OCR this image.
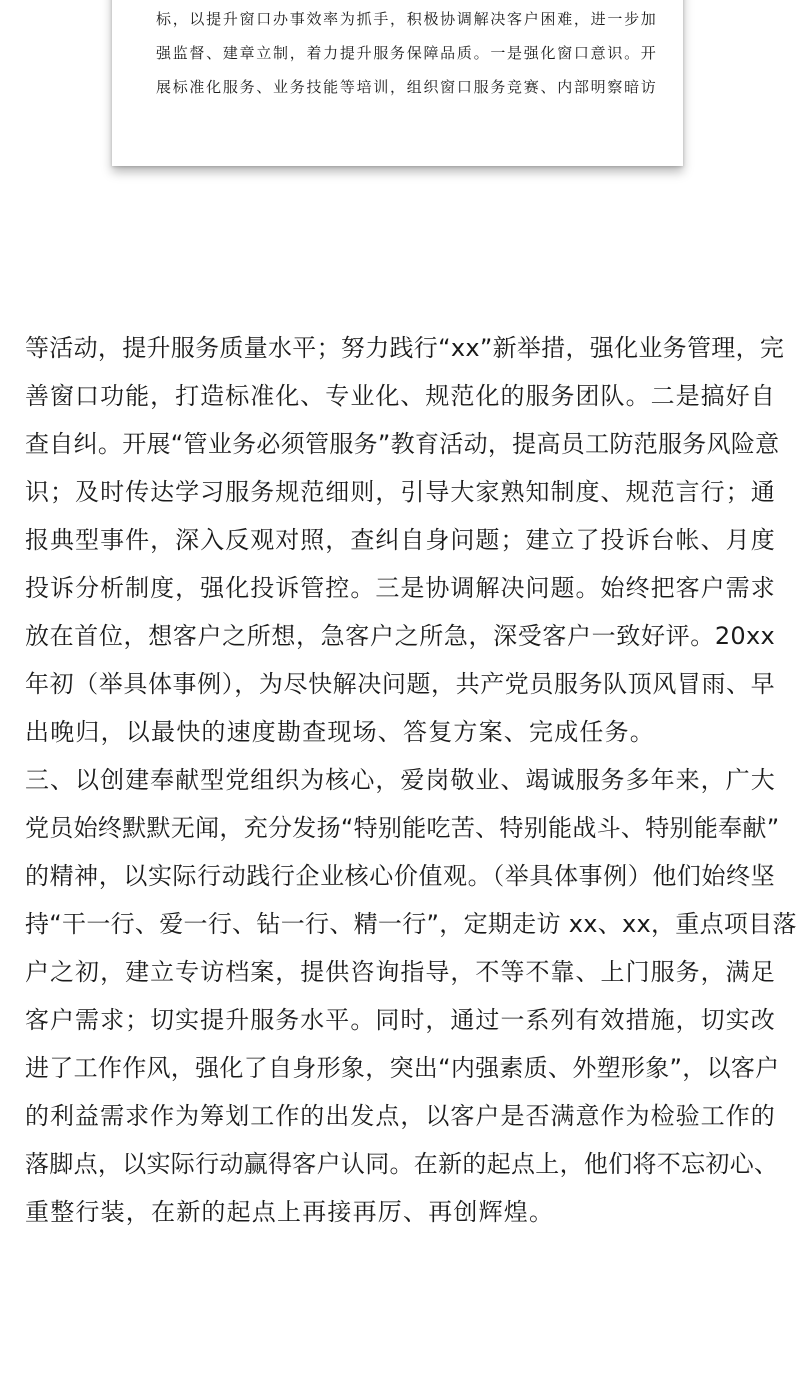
标，以提升窗口办事效率为抓手，积极协调解决客户困难，进一步加
强监督、建章立制，着力提升服务保障品质。一是强化窗口意识。开
展标准化服务、业务技能等培训，组织窗口服务竞赛、内部明察暗访

等活动，提升服务质量水平；努力践行“xx”新举措，强化业务管理，完
善窗口功能，打造标准化、专业化、规范化的服务团队。二是搞好自
查自纠。开展“管业务必须管服务”教育活动，提高员工防范服务风险意
识；及时传达学习服务规范细则，引导大家熟知制度、规范言行；通
报典型事件，深入反观对照，查纠自身问题；建立了投诉台帐、月度
投诉分析制度，强化投诉管控。三是协调解决问题。始终把客户需求
放在首位，想客户之所想，急客户之所急，深受客户一致好评。20xx
年初（举具体事例），为尽快解决问题，共产党员服务队顶风冒雨、早
出晚归，以最快的速度勘查现场、答复方案、完成任务。

三、以创建奉献型党组织为核心，爱岗敬业、竭诚服务多年来，广大
党员始终默默无闻，充分发扬“特别能吃苦、特别能战斗、特别能奉献”
的精神，以实际行动践行企业核心价值观。（举具体事例）他们始终坚
持“干一行、爱一行、钻一行、精一行”，定期走访 xx、xx，重点项目落
户之初，建立专访档案，提供咨询指导，不等不靠、上门服务，满足
客户需求；切实提升服务水平。同时，通过一系列有效措施，切实改
进了工作作风，强化了自身形象，突出“内强素质、外塑形象”，以客户
的利益需求作为筹划工作的出发点，以客户是否满意作为检验工作的
落脚点，以实际行动赢得客户认同。在新的起点上，他们将不忘初心、
重整行装，在新的起点上再接再厉、再创辉煌。
